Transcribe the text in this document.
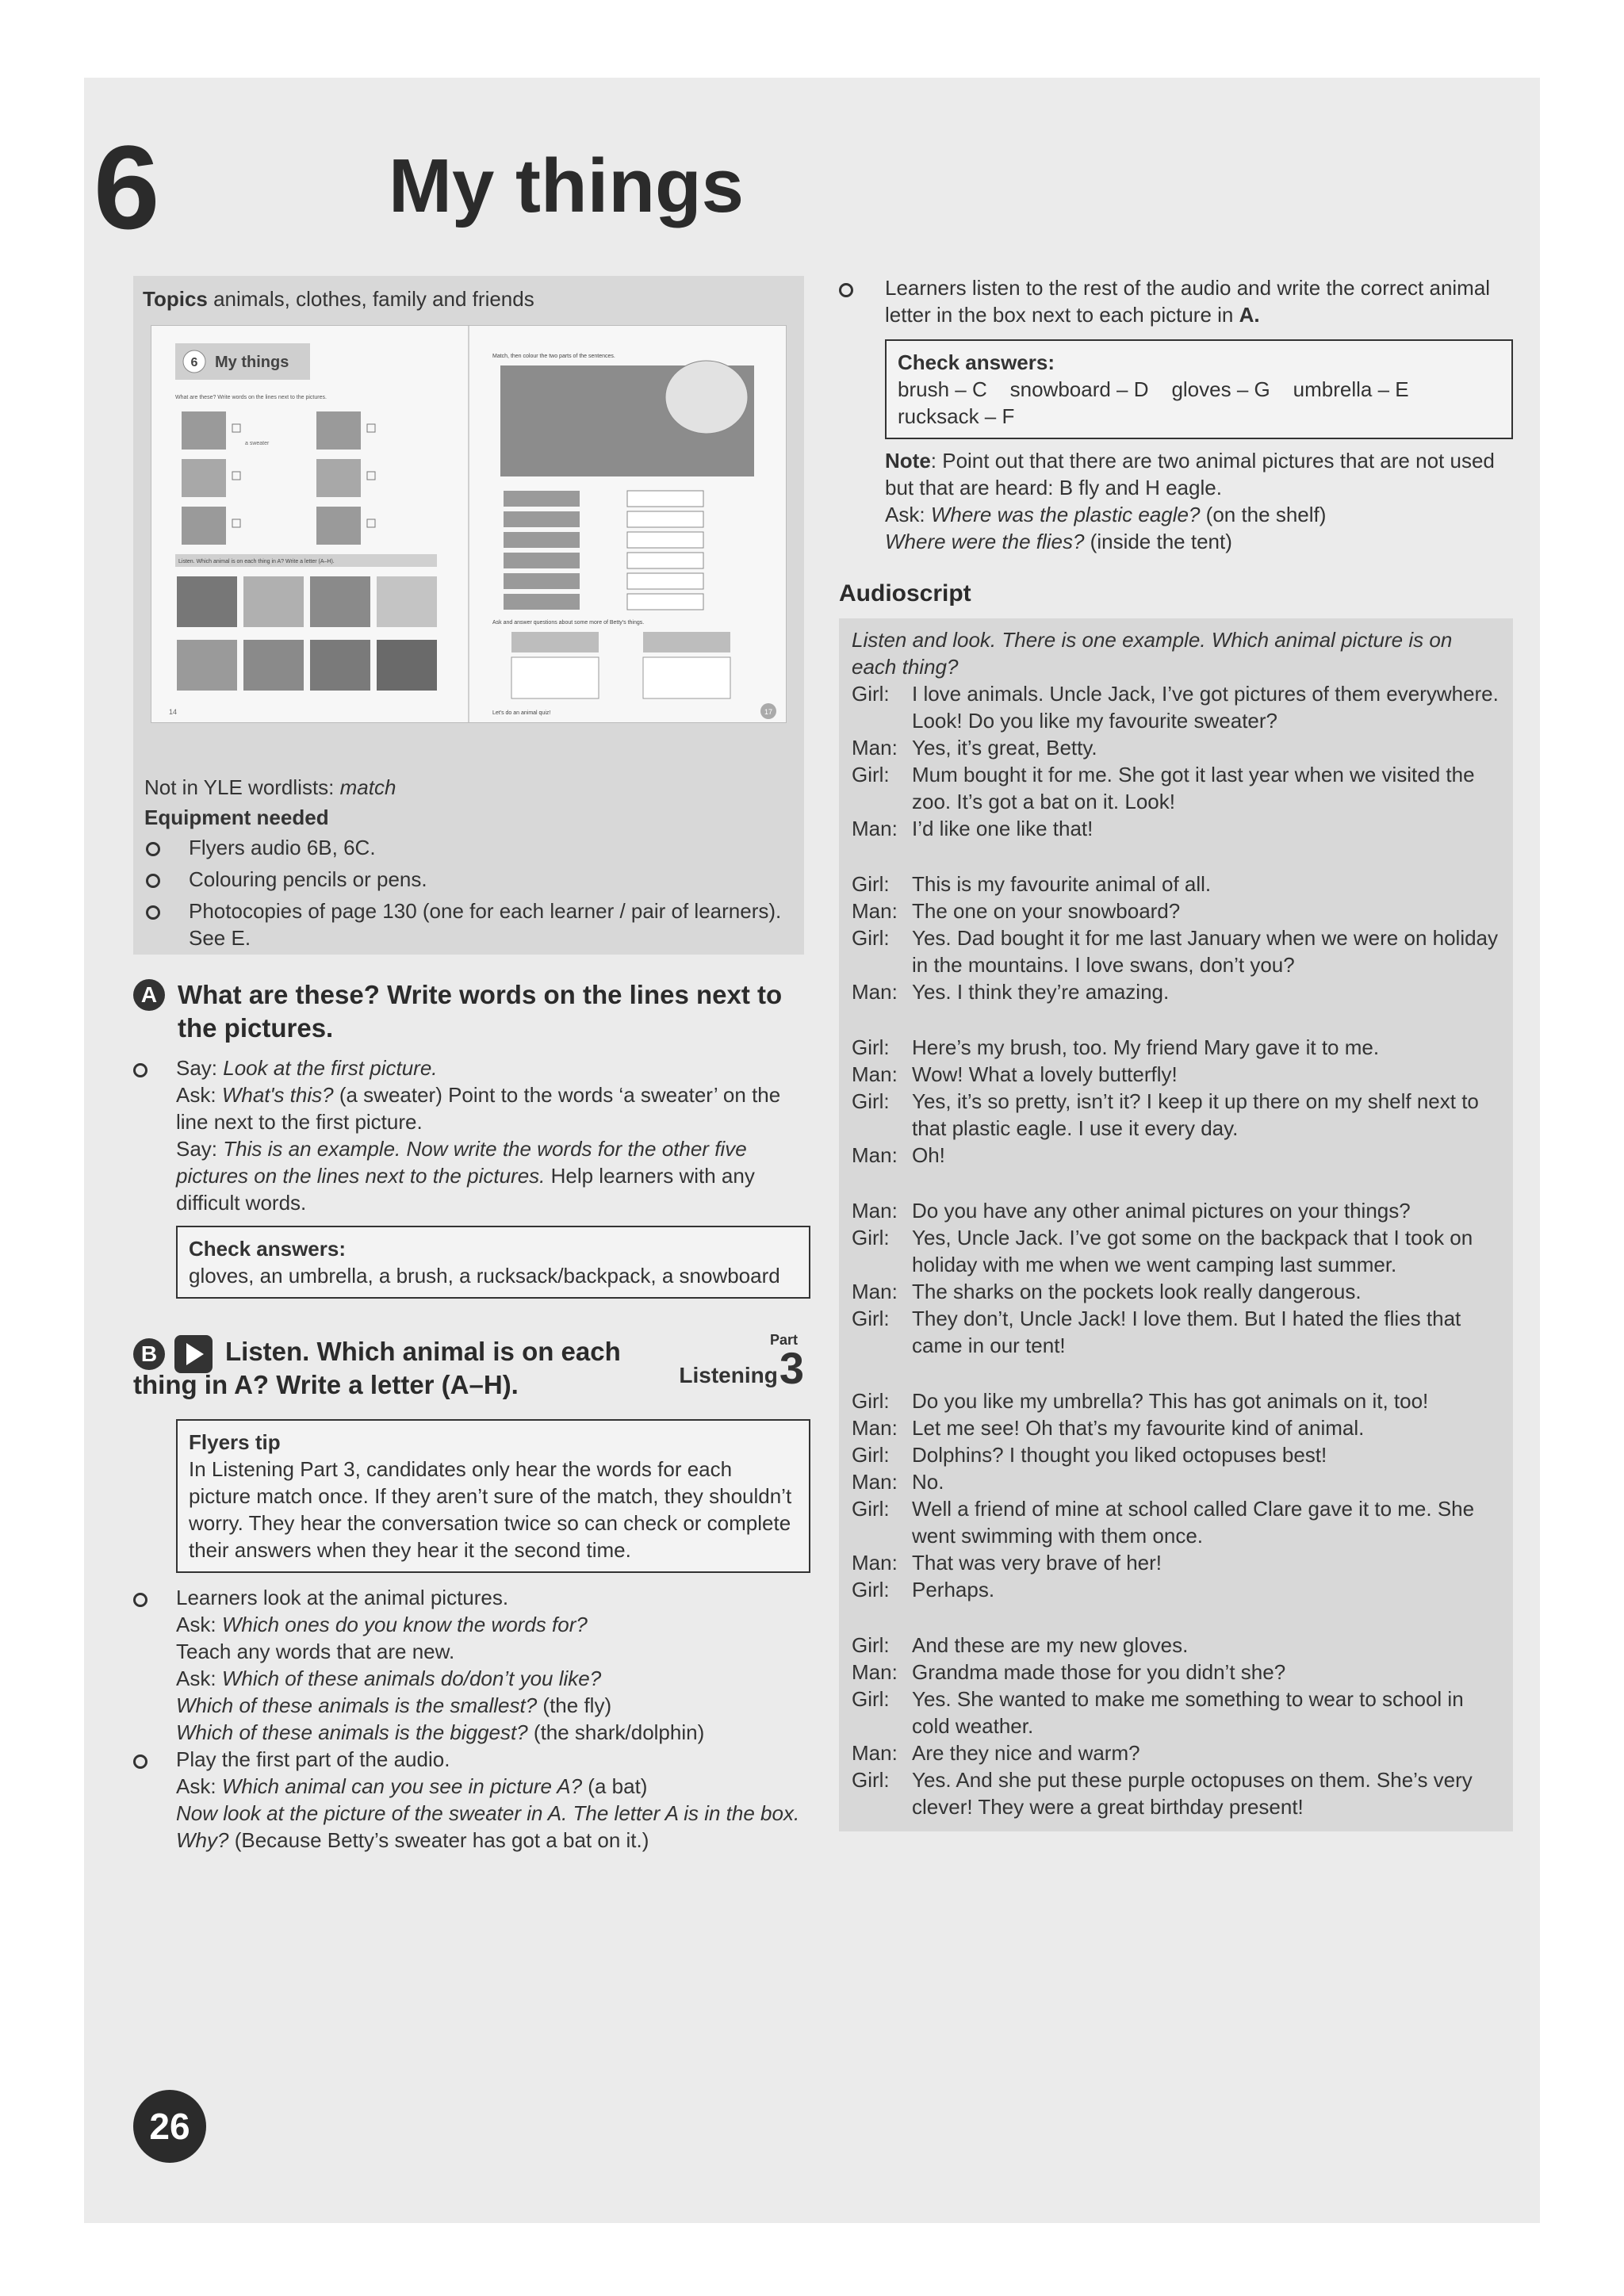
6	My things
Topics animals, clothes, family and friends
6 My things
What are these? Write words on the lines next to the pictures.
a sweater
Listen. Which animal is on each thing in A? Write a letter (A–H).
14
Match, then colour the two parts of the sentences.
Ask and answer questions about some more of Betty's things.
Let's do an animal quiz!	17
Not in YLE wordlists: match
Equipment needed
Flyers audio 6B, 6C.
Colouring pencils or pens.
Photocopies of page 130 (one for each learner / pair of learners). See E.
A What are these? Write words on the lines next to the pictures.
Say: Look at the first picture.
Ask: What's this? (a sweater) Point to the words ‘a sweater’ on the line next to the first picture.
Say: This is an example. Now write the words for the other five pictures on the lines next to the pictures. Help learners with any difficult words.
Check answers:
gloves, an umbrella, a brush, a rucksack/backpack, a snowboard
B	Listen. Which animal is on each thing in A? Write a letter (A–H).
Part
Listening 3
Flyers tip
In Listening Part 3, candidates only hear the words for each picture match once. If they aren’t sure of the match, they shouldn’t worry. They hear the conversation twice so can check or complete their answers when they hear it the second time.
Learners look at the animal pictures.
Ask: Which ones do you know the words for?
Teach any words that are new.
Ask: Which of these animals do/don’t you like?
Which of these animals is the smallest? (the fly)
Which of these animals is the biggest? (the shark/dolphin)
Play the first part of the audio.
Ask: Which animal can you see in picture A? (a bat)
Now look at the picture of the sweater in A. The letter A is in the box. Why? (Because Betty’s sweater has got a bat on it.)
Learners listen to the rest of the audio and write the correct animal letter in the box next to each picture in A.
Check answers:
brush – C snowboard – D gloves – G umbrella – E
rucksack – F
Note: Point out that there are two animal pictures that are not used but that are heard: B fly and H eagle.
Ask: Where was the plastic eagle? (on the shelf)
Where were the flies? (inside the tent)
Audioscript
Listen and look. There is one example. Which animal picture is on each thing?
Girl:	I love animals. Uncle Jack, I’ve got pictures of them everywhere. Look! Do you like my favourite sweater?
Man: Yes, it’s great, Betty.
Girl:	Mum bought it for me. She got it last year when we visited the zoo. It’s got a bat on it. Look!
Man: I’d like one like that!
Girl:	This is my favourite animal of all.
Man: The one on your snowboard?
Girl:	Yes. Dad bought it for me last January when we were on holiday in the mountains. I love swans, don’t you?
Man: Yes. I think they’re amazing.
Girl:	Here’s my brush, too. My friend Mary gave it to me.
Man: Wow! What a lovely butterfly!
Girl:	Yes, it’s so pretty, isn’t it? I keep it up there on my shelf next to that plastic eagle. I use it every day.
Man: Oh!
Man: Do you have any other animal pictures on your things?
Girl:	Yes, Uncle Jack. I’ve got some on the backpack that I took on holiday with me when we went camping last summer.
Man: The sharks on the pockets look really dangerous.
Girl:	They don’t, Uncle Jack! I love them. But I hated the flies that came in our tent!
Girl:	Do you like my umbrella? This has got animals on it, too!
Man: Let me see! Oh that’s my favourite kind of animal.
Girl:	Dolphins? I thought you liked octopuses best!
Man: No.
Girl:	Well a friend of mine at school called Clare gave it to me. She went swimming with them once.
Man: That was very brave of her!
Girl:	Perhaps.
Girl:	And these are my new gloves.
Man: Grandma made those for you didn’t she?
Girl:	Yes. She wanted to make me something to wear to school in cold weather.
Man: Are they nice and warm?
Girl:	Yes. And she put these purple octopuses on them. She’s very clever! They were a great birthday present!
26
